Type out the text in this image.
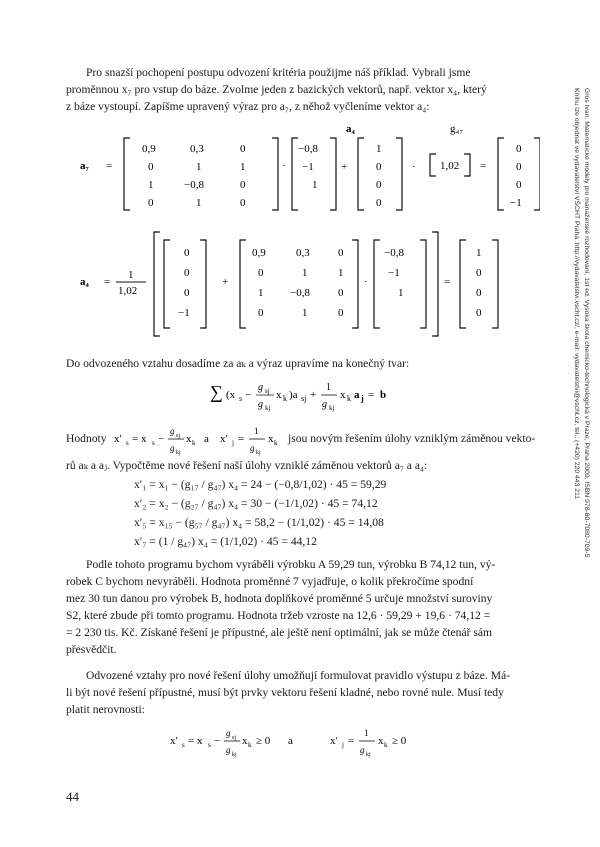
Gros Ivan: Matematické modely pro manažerské rozhodování, 1st ed. Vysoká škola chemicko-technologická v Praze, Praha 2009, ISBN 978-80-7080-709-5
Knihu lze objednat ve vydavatelství VŠCHT Praha, http://vydavatelstvi.vscht.cz/, e-mail: vydavatelstvi@vscht.cz, tel.: (+420) 220 443 211
Pro snazší pochopení postupu odvození kritéria použijme náš příklad. Vybrali jsme
proměnnou x₇ pro vstup do báze. Zvolme jeden z bazických vektorů, např. vektor x₄, který
z báze vystoupí. Zapíšme upravený výraz pro a₇, z něhož vyčleníme vektor a₄:
a₄	g₄₇
a₇ =
0,9	0,3	0
0	1	1
1	−0,8	0
0	1	0
·
−0,8
−1
1
+
1
0
0
0
· 1,02 =
0
0
0
−1
a₄ =
1
1,02
0
0
0
−1
+
0,9	0,3	0
0	1	1
1 −0,8	0
0	1	0
·
−0,8
−1
1
=
1
0
0
0
Do odvozeného vztahu dosadíme za aₖ a výraz upravíme na konečný tvar:
∑ (x s −
g sj
g kj
x k )a sj +
1
g kj
x k a j = b
Hodnoty x′ s = x s −
g sj
g kj
x k a x′ j =
1
g kj
x k jsou novým řešením úlohy vzniklým záměnou vekto-
rů aₖ a aⱼ. Vypočtěme nové řešení naší úlohy vzniklé záměnou vektorů a₇ a a₄:
x′₁ = x₁ − (g₁₇ / g₄₇) x₄ = 24 − (−0,8/1,02) · 45 = 59,29
x′₂ = x₂ − (g₂₇ / g₄₇) x₄ = 30 − (−1/1,02) · 45 = 74,12
x′₅ = x₁₅ − (g₅₇ / g₄₇) x₄ = 58,2 − (1/1,02) · 45 = 14,08
x′₇ = (1 / g₄₇) x₄ = (1/1,02) · 45 = 44,12
Podle tohoto programu bychom vyráběli výrobku A 59,29 tun, výrobku B 74,12 tun, vý-
robek C bychom nevyráběli. Hodnota proměnné 7 vyjadřuje, o kolik překročíme spodní
mez 30 tun danou pro výrobek B, hodnota doplňkové proměnné 5 určuje množství suroviny
S2, které zbude při tomto programu. Hodnota tržeb vzroste na 12,6 · 59,29 + 19,6 · 74,12 =
= 2 230 tis. Kč. Získané řešení je přípustné, ale ještě není optimální, jak se může čtenář sám
přesvědčit.
Odvozené vztahy pro nové řešení úlohy umožňují formulovat pravidlo výstupu z báze. Má-
li být nové řešení přípustné, musí být prvky vektoru řešení kladné, nebo rovné nule. Musí tedy
platit nerovnosti:
x′ s = x s −
g sj
g kj
x k ≥ 0 a	x′ j =
1
g kj
x k ≥ 0
44
